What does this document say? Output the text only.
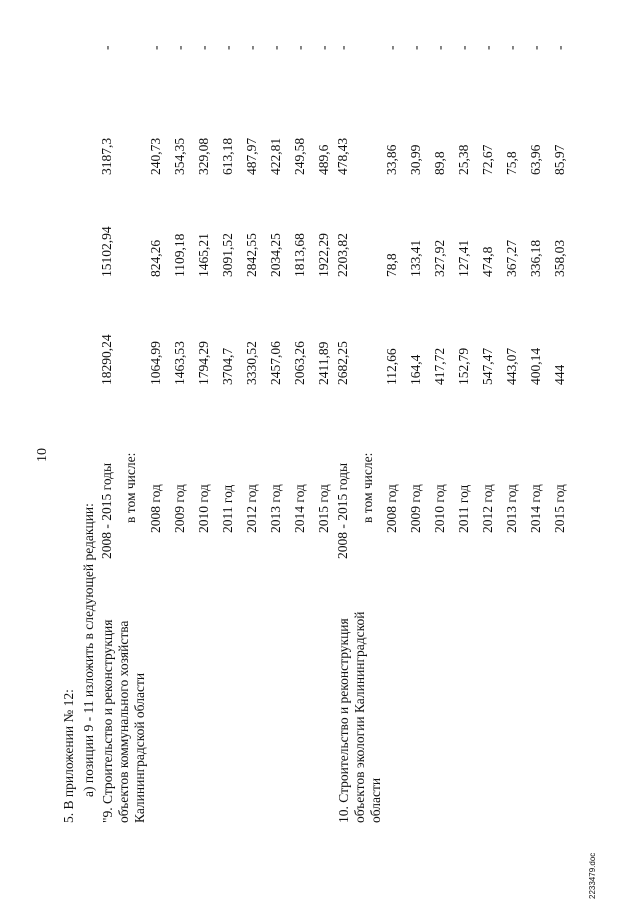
10
5. В приложении № 12: а) позиции 9 - 11 изложить в следующей редакции: "9. Строительство и реконструкция объектов коммунального хозяйства Калининградской области
2008 - 2015 годы
18290,24
15102,94
3187,3
-
в том числе: 2008 год
1064,99
824,26
240,73
-
2009 год
1463,53
1109,18
354,35
-
2010 год
1794,29
1465,21
329,08
-
2011 год
3704,7
3091,52
613,18
-
2012 год
3330,52
2842,55
487,97
-
2013 год
2457,06
2034,25
422,81
-
2014 год
2063,26
1813,68
249,58
-
2015 год
2411,89
1922,29
489,6
-
10. Строительство и реконструкция объектов экологии Калининградской области
2008 - 2015 годы
2682,25
2203,82
478,43
-
в том числе: 2008 год
112,66
78,8
33,86
-
2009 год
164,4
133,41
30,99
-
2010 год
417,72
327,92
89,8
-
2011 год
152,79
127,41
25,38
-
2012 год
547,47
474,8
72,67
-
2013 год
443,07
367,27
75,8
-
2014 год
400,14
336,18
63,96
-
2015 год
444
358,03
85,97
-
2233479.doc
